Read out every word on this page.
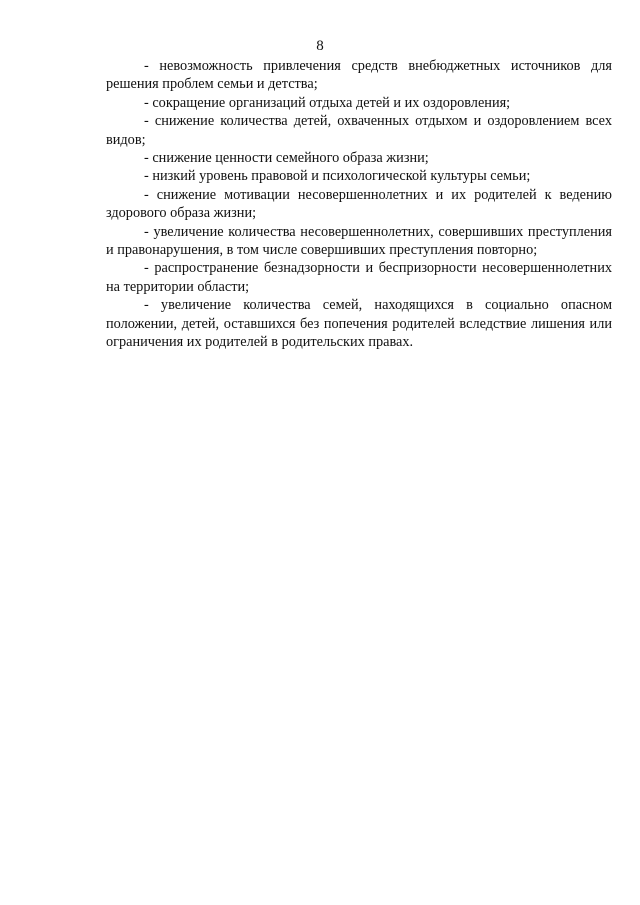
8

- невозможность привлечения средств внебюджетных источников для решения проблем семьи и детства;

- сокращение организаций отдыха детей и их оздоровления;

- снижение количества детей, охваченных отдыхом и оздоровлением всех видов;

- снижение ценности семейного образа жизни;

- низкий уровень правовой и психологической культуры семьи;

- снижение мотивации несовершеннолетних и их родителей к ведению здорового образа жизни;

- увеличение количества несовершеннолетних, совершивших преступления и правонарушения, в том числе совершивших преступления повторно;

- распространение безнадзорности и беспризорности несовершеннолетних на территории области;

- увеличение количества семей, находящихся в социально опасном положении, детей, оставшихся без попечения родителей вследствие лишения или ограничения их родителей в родительских правах.
